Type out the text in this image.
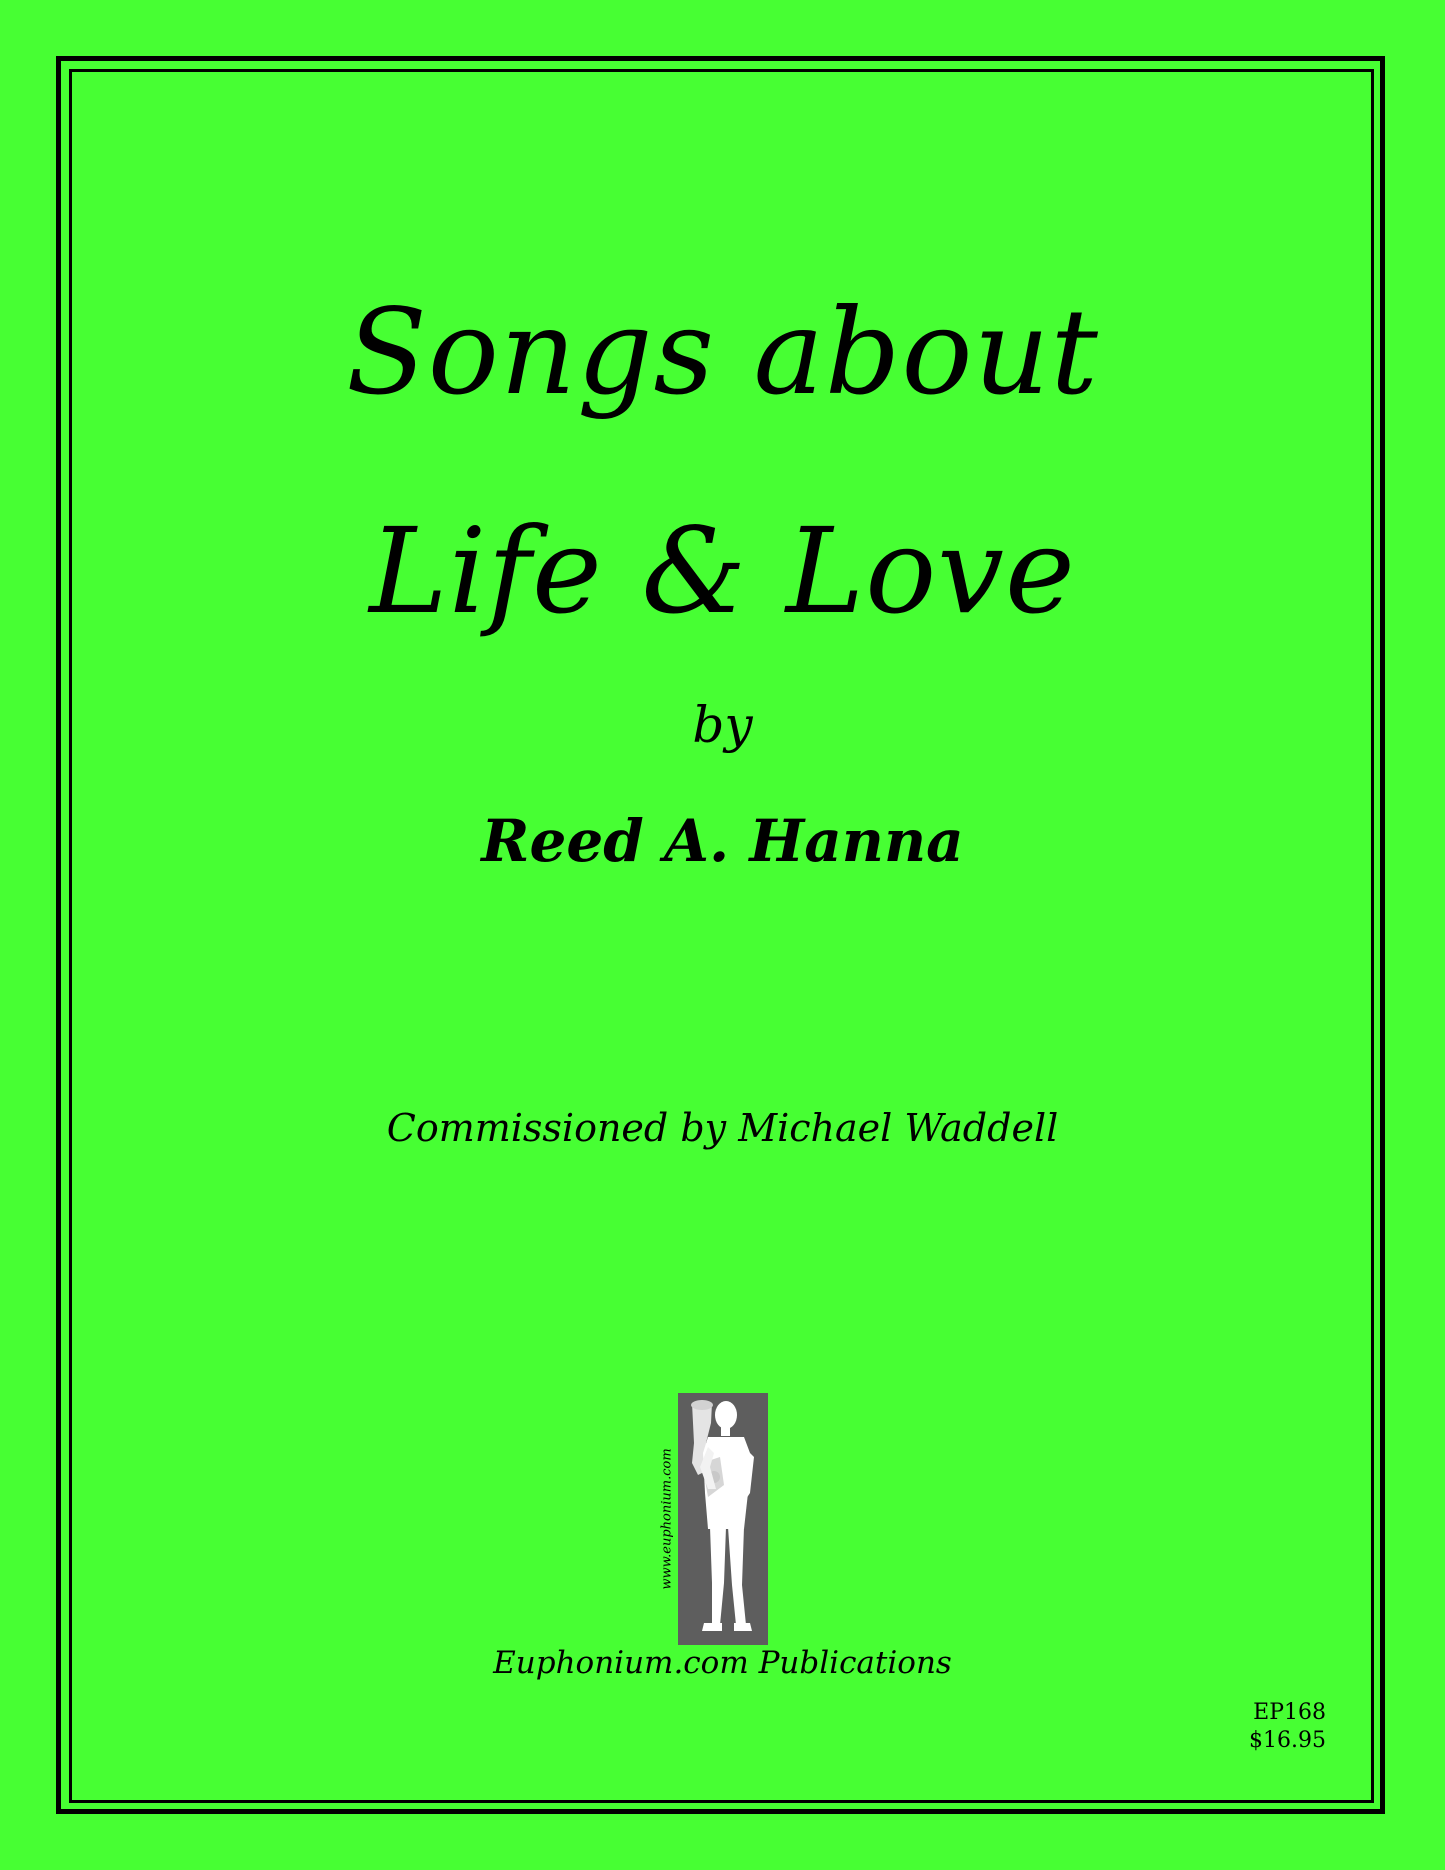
Songs about
Life & Love
by
Reed A. Hanna
Commissioned by Michael Waddell
www.euphonium.com
Euphonium.com Publications
EP168
$16.95
